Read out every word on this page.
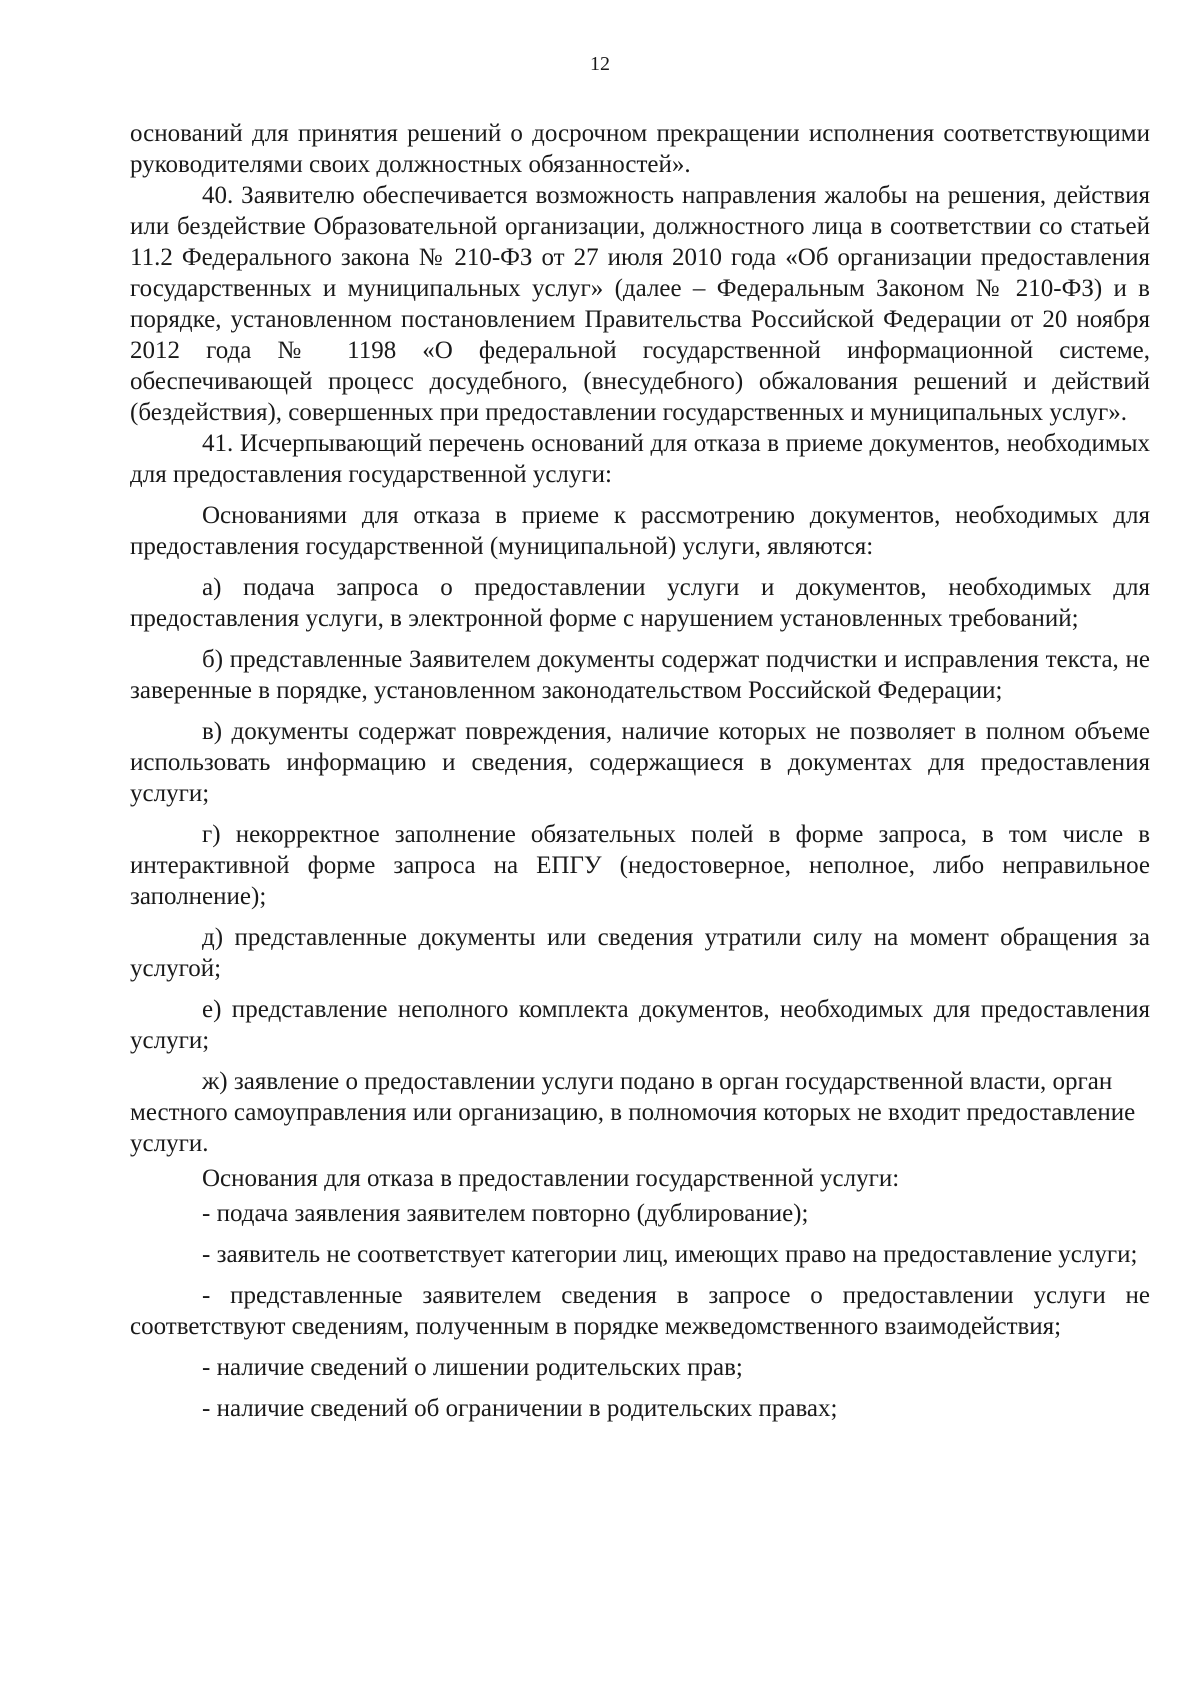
12

оснований для принятия решений о досрочном прекращении исполнения соответствующими руководителями своих должностных обязанностей».

40. Заявителю обеспечивается возможность направления жалобы на решения, действия или бездействие Образовательной организации, должностного лица в соответствии со статьей 11.2 Федерального закона № 210-ФЗ от 27 июля 2010 года «Об организации предоставления государственных и муниципальных услуг» (далее – Федеральным Законом № 210-ФЗ) и в порядке, установленном постановлением Правительства Российской Федерации от 20 ноября 2012 года № 1198 «О федеральной государственной информационной системе, обеспечивающей процесс досудебного, (внесудебного) обжалования решений и действий (бездействия), совершенных при предоставлении государственных и муниципальных услуг».

41. Исчерпывающий перечень оснований для отказа в приеме документов, необходимых для предоставления государственной услуги:

Основаниями для отказа в приеме к рассмотрению документов, необходимых для предоставления государственной (муниципальной) услуги, являются:

а) подача запроса о предоставлении услуги и документов, необходимых для предоставления услуги, в электронной форме с нарушением установленных требований;

б) представленные Заявителем документы содержат подчистки и исправления текста, не заверенные в порядке, установленном законодательством Российской Федерации;

в) документы содержат повреждения, наличие которых не позволяет в полном объеме использовать информацию и сведения, содержащиеся в документах для предоставления услуги;

г) некорректное заполнение обязательных полей в форме запроса, в том числе в интерактивной форме запроса на ЕПГУ (недостоверное, неполное, либо неправильное заполнение);

д) представленные документы или сведения утратили силу на момент обращения за услугой;

е) представление неполного комплекта документов, необходимых для предоставления услуги;

ж) заявление о предоставлении услуги подано в орган государственной власти, орган местного самоуправления или организацию, в полномочия которых не входит предоставление услуги.

Основания для отказа в предоставлении государственной услуги:

- подача заявления заявителем повторно (дублирование);

- заявитель не соответствует категории лиц, имеющих право на предоставление услуги;

- представленные заявителем сведения в запросе о предоставлении услуги не соответствуют сведениям, полученным в порядке межведомственного взаимодействия;

- наличие сведений о лишении родительских прав;

- наличие сведений об ограничении в родительских правах;
